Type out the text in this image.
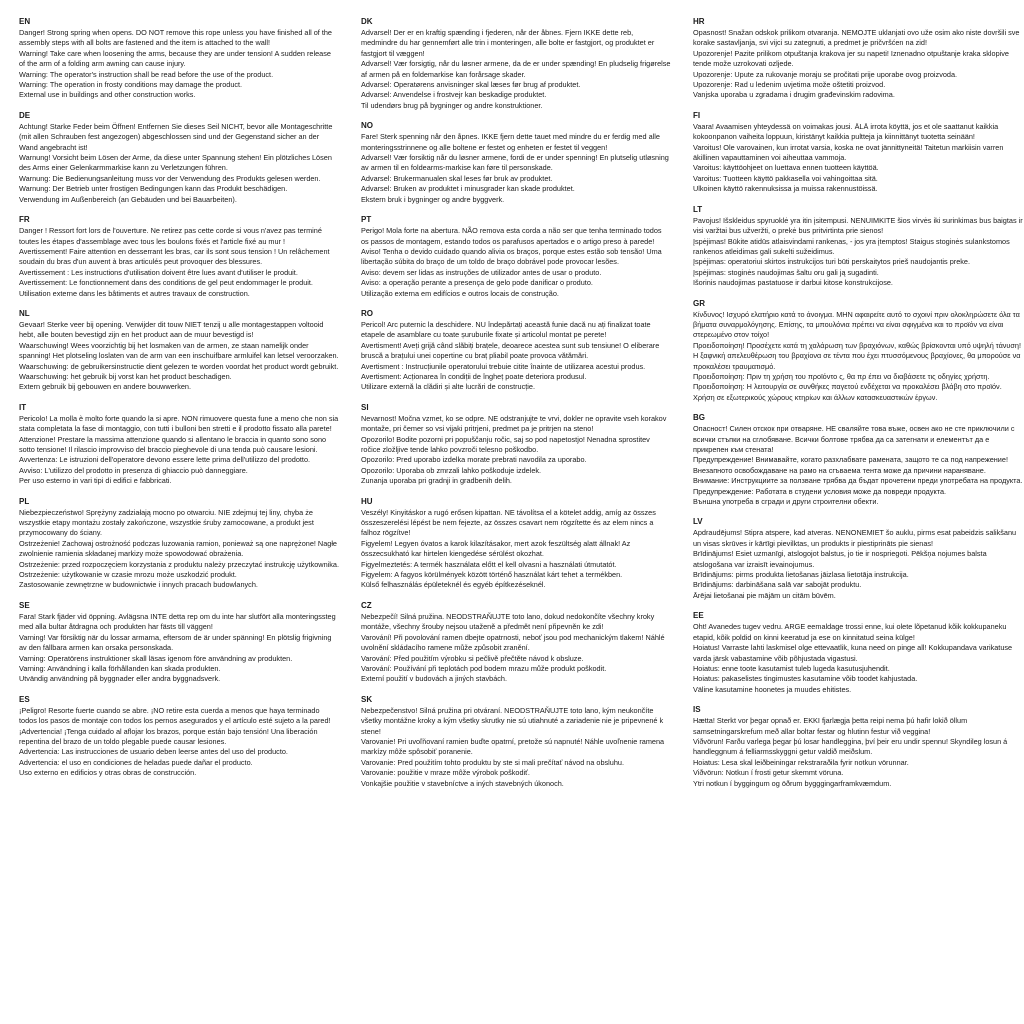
EN
Danger! Strong spring when opens. DO NOT remove this rope unless you have finished all of the assembly steps with all bolts are fastened and the item is attached to the wall!
Warning! Take care when loosening the arms, because they are under tension! A sudden release of the arm of a folding arm awning can cause injury.
Warning: The operator's instruction shall be read before the use of the product.
Warning: The operation in frosty conditions may damage the product.
External use in buildings and other construction works.
DE
Achtung! Starke Feder beim Öffnen! Entfernen Sie dieses Seil NICHT, bevor alle Montageschritte (mit allen Schrauben fest angezogen) abgeschlossen sind und der Gegenstand sicher an der Wand angebracht ist!
Warnung! Vorsicht beim Lösen der Arme, da diese unter Spannung stehen! Ein plötzliches Lösen des Arms einer Gelenkarmmarkise kann zu Verletzungen führen.
Warnung: Die Bedienungsanleitung muss vor der Verwendung des Produkts gelesen werden.
Warnung: Der Betrieb unter frostigen Bedingungen kann das Produkt beschädigen.
Verwendung im Außenbereich (an Gebäuden und bei Bauarbeiten).
FR
Danger ! Ressort fort lors de l'ouverture. Ne retirez pas cette corde si vous n'avez pas terminé toutes les étapes d'assemblage avec tous les boulons fixés et l'article fixé au mur !
Avertissement! Faire attention en desserrant les bras, car ils sont sous tension ! Un relâchement soudain du bras d'un auvent à bras articulés peut provoquer des blessures.
Avertissement : Les instructions d'utilisation doivent être lues avant d'utiliser le produit.
Avertissement: Le fonctionnement dans des conditions de gel peut endommager le produit.
Utilisation externe dans les bâtiments et autres travaux de construction.
NL
Gevaar! Sterke veer bij opening. Verwijder dit touw NIET tenzij u alle montagestappen voltooid hebt, alle bouten bevestigd zijn en het product aan de muur bevestigd is!
Waarschuwing! Wees voorzichtig bij het losmaken van de armen, ze staan namelijk onder spanning! Het plotseling loslaten van de arm van een inschuifbare armluifel kan letsel veroorzaken.
Waarschuwing: de gebruikersinstructie dient gelezen te worden voordat het product wordt gebruikt.
Waarschuwing: het gebruik bij vorst kan het product beschadigen.
Extern gebruik bij gebouwen en andere bouwwerken.
IT
Pericolo! La molla è molto forte quando la si apre. NON rimuovere questa fune a meno che non sia stata completata la fase di montaggio, con tutti i bulloni ben stretti e il prodotto fissato alla parete!
Attenzione! Prestare la massima attenzione quando si allentano le braccia in quanto sono sono sotto tensione! Il rilascio improvviso del braccio pieghevole di una tenda può causare lesioni.
Avvertenza: Le istruzioni dell'operatore devono essere lette prima dell'utilizzo del prodotto.
Avviso: L'utilizzo del prodotto in presenza di ghiaccio può danneggiare.
Per uso esterno in vari tipi di edifici e fabbricati.
PL
Niebezpieczeństwo! Sprężyny zadziałają mocno po otwarciu. NIE zdejmuj tej liny, chyba że wszystkie etapy montażu zostały zakończone, wszystkie śruby zamocowane, a produkt jest przymocowany do ściany.
Ostrzeżenie! Zachowaj ostrożność podczas luzowania ramion, ponieważ są one naprężone! Nagłe zwolnienie ramienia składanej markizy może spowodować obrażenia.
Ostrzeżenie: przed rozpoczęciem korzystania z produktu należy przeczytać instrukcję użytkownika.
Ostrzeżenie: użytkowanie w czasie mrozu może uszkodzić produkt.
Zastosowanie zewnętrzne w budownictwie i innych pracach budowlanych.
SE
Fara! Stark fjäder vid öppning. Avlägsna INTE detta rep om du inte har slutfört alla monteringssteg med alla bultar åtdragna och produkten har fästs till väggen!
Varning! Var försiktig när du lossar armarna, eftersom de är under spänning! En plötslig frigivning av den fällbara armen kan orsaka personskada.
Varning: Operatörens instruktioner skall läsas igenom före användning av produkten.
Varning: Användning i kalla förhållanden kan skada produkten.
Utvändig användning på byggnader eller andra byggnadsverk.
ES
¡Peligro! Resorte fuerte cuando se abre. ¡NO retire esta cuerda a menos que haya terminado todos los pasos de montaje con todos los pernos asegurados y el artículo esté sujeto a la pared!
¡Advertencia! ¡Tenga cuidado al aflojar los brazos, porque están bajo tensión! Una liberación repentina del brazo de un toldo plegable puede causar lesiones.
Advertencia: Las instrucciones de usuario deben leerse antes del uso del producto.
Advertencia: el uso en condiciones de heladas puede dañar el producto.
Uso externo en edificios y otras obras de construcción.
DK
Advarsel! Der er en kraftig spænding i fjederen, når der åbnes. Fjern IKKE dette reb, medmindre du har gennemført alle trin i monteringen, alle bolte er fastgjort, og produktet er fastgjort til væggen!
Advarsel! Vær forsigtig, når du løsner armene, da de er under spænding! En pludselig frigørelse af armen på en foldemarkise kan forårsage skader.
Advarsel: Operatørens anvisninger skal læses før brug af produktet.
Advarsel: Anvendelse i frostvejr kan beskadige produktet.
Til udendørs brug på bygninger og andre konstruktioner.
NO
Fare! Sterk spenning når den åpnes. IKKE fjern dette tauet med mindre du er ferdig med alle monteringsstrinnene og alle boltene er festet og enheten er festet til veggen!
Advarsel! Vær forsiktig når du løsner armene, fordi de er under spenning! En plutselig utløsning av armen til en foldearms-markise kan føre til personskade.
Advarsel: Brukermanualen skal leses før bruk av produktet.
Advarsel: Bruken av produktet i minusgrader kan skade produktet.
Ekstern bruk i bygninger og andre byggverk.
PT
Perigo! Mola forte na abertura. NÃO remova esta corda a não ser que tenha terminado todos os passos de montagem, estando todos os parafusos apertados e o artigo preso à parede!
Aviso! Tenha o devido cuidado quando alivia os braços, porque estes estão sob tensão! Uma libertação súbita do braço de um toldo de braço dobrável pode provocar lesões.
Aviso: devem ser lidas as instruções de utilizador antes de usar o produto.
Aviso: a operação perante a presença de gelo pode danificar o produto.
Utilização externa em edifícios e outros locais de construção.
RO
Pericol! Arc puternic la deschidere. NU îndepărtați această funie dacă nu ați finalizat toate etapele de asamblare cu toate șuruburile fixate și articolul montat pe perete!
Avertisment! Aveți grijă când slăbiți brațele, deoarece acestea sunt sub tensiune! O eliberare bruscă a brațului unei copertine cu braț pliabil poate provoca vătămări.
Avertisment : Instrucțiunile operatorului trebuie citite înainte de utilizarea acestui produs.
Avertisment: Acționarea în condiții de îngheț poate deteriora produsul.
Utilizare externă la clădiri și alte lucrări de construcție.
SI
Nevarnost! Močna vzmet, ko se odpre. NE odstranjujte te vrvi, dokler ne opravite vseh korakov montaže, pri čemer so vsi vijaki pritrjeni, predmet pa je pritrjen na steno!
Opozorilo! Bodite pozorni pri popuščanju ročic, saj so pod napetostjo! Nenadna sprostitev ročice zložljive tende lahko povzroči telesno poškodbo.
Opozorilo: Pred uporabo izdelka morate prebrati navodila za uporabo.
Opozorilo: Uporaba ob zmrzali lahko poškoduje izdelek.
Zunanja uporaba pri gradnji in gradbenih delih.
HU
Veszély! Kinyitáskor a rugó erősen kipattan. NE távolítsa el a kötelet addig, amíg az összes összeszerelési lépést be nem fejezte, az összes csavart nem rögzítette és az elem nincs a falhoz rögzítve!
Figyelem! Legyen óvatos a karok kilazításakor, mert azok feszültség alatt állnak! Az összecsukható kar hirtelen kiengedése sérülést okozhat.
Figyelmeztetés: A termék használata előtt el kell olvasni a használati útmutatót.
Figyelem: A fagyos körülmények között történő használat kárt tehet a termékben.
Külső felhasználás épületeknél és egyéb építkezéseknél.
CZ
Nebezpečí! Silná pružina. NEODSTRAŇUJTE toto lano, dokud nedokončíte všechny kroky montáže, všechny šrouby nejsou utaženě a předmět není připevněn ke zdi!
Varování! Při povolování ramen dbejte opatrnosti, neboť jsou pod mechanickým tlakem! Náhlé uvolnění skládacího ramene může způsobit zranění.
Varování: Před použitím výrobku si pečlivě přečtěte návod k obsluze.
Varování: Používání při teplotách pod bodem mrazu může produkt poškodit.
Externí použití v budovách a jiných stavbách.
SK
Nebezpečenstvo! Silná pružina pri otváraní. NEODSTRAŇUJTE toto lano, kým neukončíte všetky montážne kroky a kým všetky skrutky nie sú utiahnuté a zariadenie nie je pripevnené k stene!
Varovanie! Pri uvoľňovaní ramien buďte opatrní, pretože sú napnuté! Náhle uvoľnenie ramena markízy môže spôsobiť poranenie.
Varovanie: Pred použitím tohto produktu by ste si mali prečítať návod na obsluhu.
Varovanie: použitie v mraze môže výrobok poškodiť.
Vonkajšie použitie v stavebníctve a iných stavebných úkonoch.
HR
Opasnost! Snažan odskok prilikom otvaranja. NEMOJTE uklanjati ovo uže osim ako niste dovršili sve korake sastavljanja, svi vijci su zategnuti, a predmet je pričvršćen na zid!
Upozorenje! Pazite prilikom otpuštanja krakova jer su napeti! Iznenadno otpuštanje kraka sklopive tende može uzrokovati ozljede.
Upozorenje: Upute za rukovanje moraju se pročitati prije uporabe ovog proizvoda.
Upozorenje: Rad u ledenim uvjetima može oštetiti proizvod.
Vanjska uporaba u zgradama i drugim građevinskim radovima.
FI
Vaara! Avaamisen yhteydessä on voimakas jousi. ÄLÄ irrota köyttä, jos et ole saattanut kaikkia kokoonpanon vaiheita loppuun, kiristänyt kaikkia pultteja ja kiinnittänyt tuotetta seinään!
Varoitus! Ole varovainen, kun irrotat varsia, koska ne ovat jännittyneitä! Taitetun markiisin varren äkillinen vapauttaminen voi aiheuttaa vammoja.
Varoitus: käyttöohjeet on luettava ennen tuotteen käyttöä.
Varoitus: Tuotteen käyttö pakkasella voi vahingoittaa sitä.
Ulkoinen käyttö rakennuksissa ja muissa rakennustöissä.
LT
Pavojus! Išskleidus spyruoklė yra itin įsitempusi. NENUIMKITE šios virvės iki surinkimas bus baigtas ir visi varžtai bus užveržti, o prekė bus pritvirtinta prie sienos!
Įspėjimas! Būkite atidūs atlaisvindami rankenas, - jos yra įtemptos! Staigus stoginės sulankstomos rankenos atleidimas gali sukelti sužeidimus.
Įspėjimas: operatoriui skirtos instrukcijos turi būti perskaitytos prieš naudojantis preke.
Įspėjimas: stoginės naudojimas šaltu oru gali ją sugadinti.
Išorinis naudojimas pastatuose ir darbui kitose konstrukcijose.
GR
Κίνδυνος! Ισχυρό ελατήριο κατά το άνοιγμα. ΜΗΝ αφαιρείτε αυτό το σχοινί πριν ολοκληρώσετε όλα τα βήματα συναρμολόγησης. Επίσης, τα μπουλόνια πρέπει να είναι σφιγμένα και το προϊόν να είναι στερεωμένο στον τοίχο!
Προειδοποίηση! Προσέχετε κατά τη χαλάρωση των βραχιόνων, καθώς βρίσκονται υπό υψηλή τάνυση! Η ξαφνική απελευθέρωση του βραχίονα σε τέντα που έχει πτυσσόμενους βραχίονες, θα μπορούσε να προκαλέσει τραυματισμό.
Προειδοποίηση: Πριν τη χρήση του προϊόντο ς, θα πρ έπει να διαβάσετε τις οδηγίες χρήστη.
Προειδοποίηση: Η λειτουργία σε συνθήκες παγετού ενδέχεται να προκαλέσει βλάβη στο προϊόν.
Χρήση σε εξωτερικούς χώρους κτηρίων και άλλων κατασκευαστικών έργων.
BG
Опасност! Силен отскок при отваряне. НЕ сваляйте това въже, освен ако не сте приключили с всички стъпки на сглобяване. Всички болтове трябва да са затегнати и елементът да е прикрепен към стената!
Предупреждение! Внимавайте, когато разхлабвате рамената, защото те са под напрежение! Внезапното освобождаване на рамо на сгъваема тента може да причини нараняване.
Внимание: Инструкциите за ползване трябва да бъдат прочетени преди употребата на продукта.
Предупреждение: Работата в студени условия може да повреди продукта.
Външна употреба в сгради и други строителни обекти.
LV
Apdraudējums! Stipra atspere, kad atveras. NENONEMIET šo auklu, pirms esat pabeidzis salikšanu un visas skrūves ir kārtīgi pievilktas, un produkts ir piestiprināts pie sienas!
Brīdinājums! Esiet uzmanīgi, atslogojot balstus, jo tie ir nospriegoti. Pēkšņa nojumes balsta atslogošana var izraisīt ievainojumus.
Brīdinājums: pirms produkta lietošanas jāizlasa lietotāja instrukcija.
Brīdinājums: darbināšana salā var sabojāt produktu.
Ārējai lietošanai pie mājām un citām būvēm.
EE
Oht! Avanedes tugev vedru. ARGE eemaldage trossi enne, kui olete lõpetanud kõik kokkupaneku etapid, kõik poldid on kinni keeratud ja ese on kinnitatud seina külge!
Hoiatus! Varraste lahti laskmisel olge ettevaatlik, kuna need on pinge all! Kokkupandava varikatuse varda järsk vabastamine võib põhjustada vigastusi.
Hoiatus: enne toote kasutamist tuleb lugeda kasutusjuhendit.
Hoiatus: pakaselistes tingimustes kasutamine võib toodet kahjustada.
Väline kasutamine hoonetes ja muudes ehitistes.
IS
Hætta! Sterkt vor þegar opnað er. EKKI fjarlægja þetta reipi nema þú hafir lokið öllum samsetningarskrefum með allar boltar festar og hlutinn festur við veggina!
Viðvörun! Farðu varlega þegar þú losar handleggina, því þeir eru undir spennu! Skyndileg losun á handleggnum á felliarmsskyggni getur valdið meiðslum.
Hoiatus: Lesa skal leiðbeiningar rekstraraðila fyrir notkun vörunnar.
Viðvörun: Notkun í frosti getur skemmt vöruna.
Ytri notkun í byggingum og öðrum bygggingarframkvæmdum.
